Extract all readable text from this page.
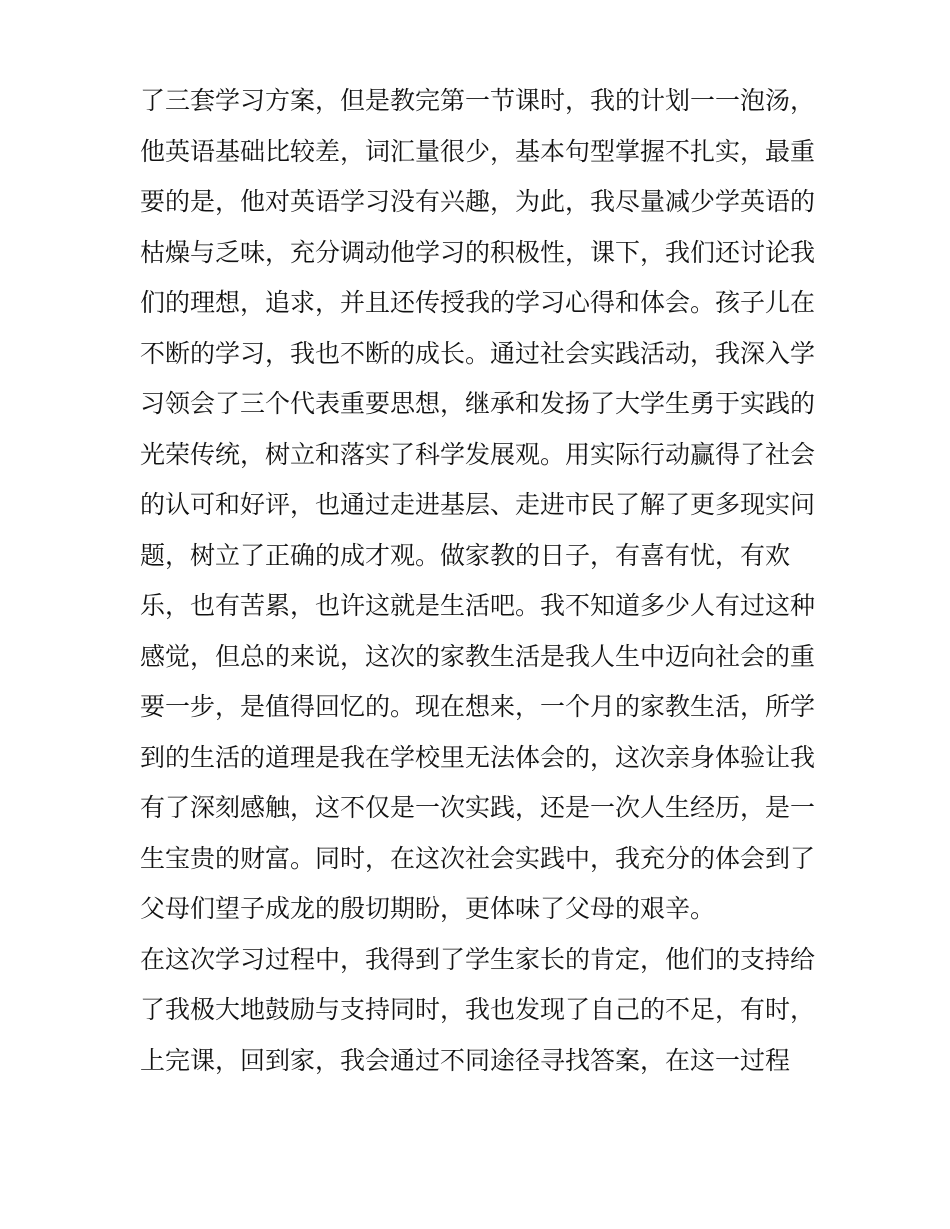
了三套学习方案，但是教完第一节课时，我的计划一一泡汤，
他英语基础比较差，词汇量很少，基本句型掌握不扎实，最重
要的是，他对英语学习没有兴趣，为此，我尽量减少学英语的
枯燥与乏味，充分调动他学习的积极性，课下，我们还讨论我
们的理想，追求，并且还传授我的学习心得和体会。孩子儿在
不断的学习，我也不断的成长。通过社会实践活动，我深入学
习领会了三个代表重要思想，继承和发扬了大学生勇于实践的
光荣传统，树立和落实了科学发展观。用实际行动赢得了社会
的认可和好评，也通过走进基层、走进市民了解了更多现实问
题，树立了正确的成才观。做家教的日子，有喜有忧，有欢
乐，也有苦累，也许这就是生活吧。我不知道多少人有过这种
感觉，但总的来说，这次的家教生活是我人生中迈向社会的重
要一步，是值得回忆的。现在想来，一个月的家教生活，所学
到的生活的道理是我在学校里无法体会的，这次亲身体验让我
有了深刻感触，这不仅是一次实践，还是一次人生经历，是一
生宝贵的财富。同时，在这次社会实践中，我充分的体会到了
父母们望子成龙的殷切期盼，更体味了父母的艰辛。
在这次学习过程中，我得到了学生家长的肯定，他们的支持给
了我极大地鼓励与支持同时，我也发现了自己的不足，有时，
上完课，回到家，我会通过不同途径寻找答案，在这一过程
